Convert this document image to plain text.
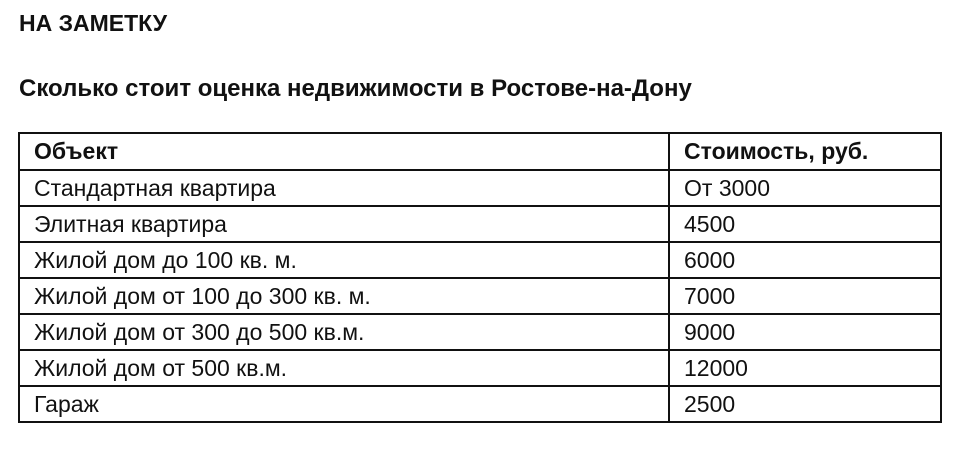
НА ЗАМЕТКУ
Сколько стоит оценка недвижимости в Ростове-на-Дону
Объект	Стоимость, руб.
Стандартная квартира	От 3000
Элитная квартира	4500
Жилой дом до 100 кв. м.	6000
Жилой дом от 100 до 300 кв. м.	7000
Жилой дом от 300 до 500 кв.м.	9000
Жилой дом от 500 кв.м.	12000
Гараж	2500
